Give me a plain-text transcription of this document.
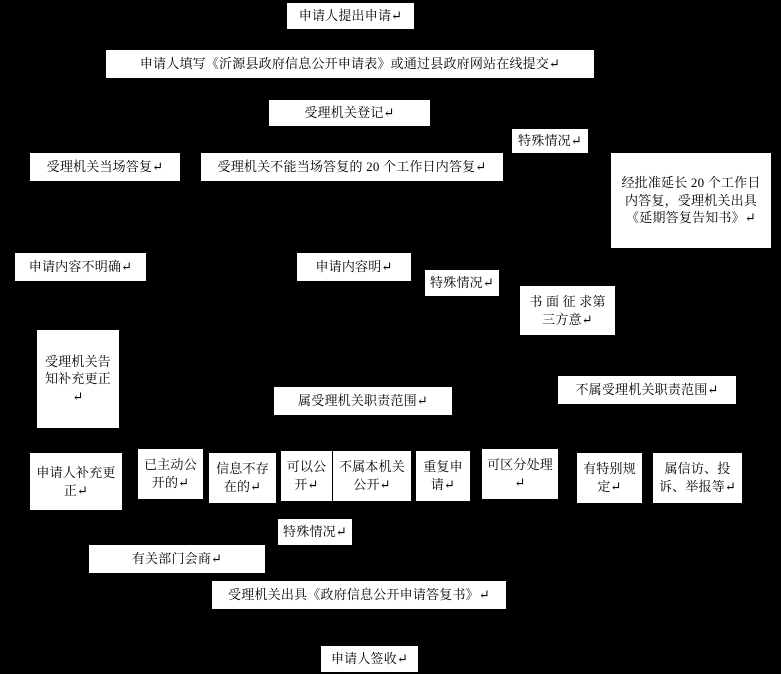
申请人提出申请↵
申请人填写《沂源县政府信息公开申请表》或通过县政府网站在线提交↵
受理机关登记↵
特殊情况↵
受理机关当场答复↵	受理机关不能当场答复的 20 个工作日内答复↵
经批准延长 20 个工作日内答复，受理机关出具《延期答复告知书》↵
申请内容不明确↵	申请内容明↵
特殊情况↵
书 面 征 求第三方意↵
受理机关告知补充更正↵	属受理机关职责范围↵
不属受理机关职责范围↵
申请人补充更正↵
已主动公开的↵
信息不存在的↵
可以公开↵
不属本机关公开↵
重复申请↵
可区分处理↵
有特别规定↵
属信访、投诉、举报等↵
特殊情况↵
有关部门会商↵
受理机关出具《政府信息公开申请答复书》↵
申请人签收↵
